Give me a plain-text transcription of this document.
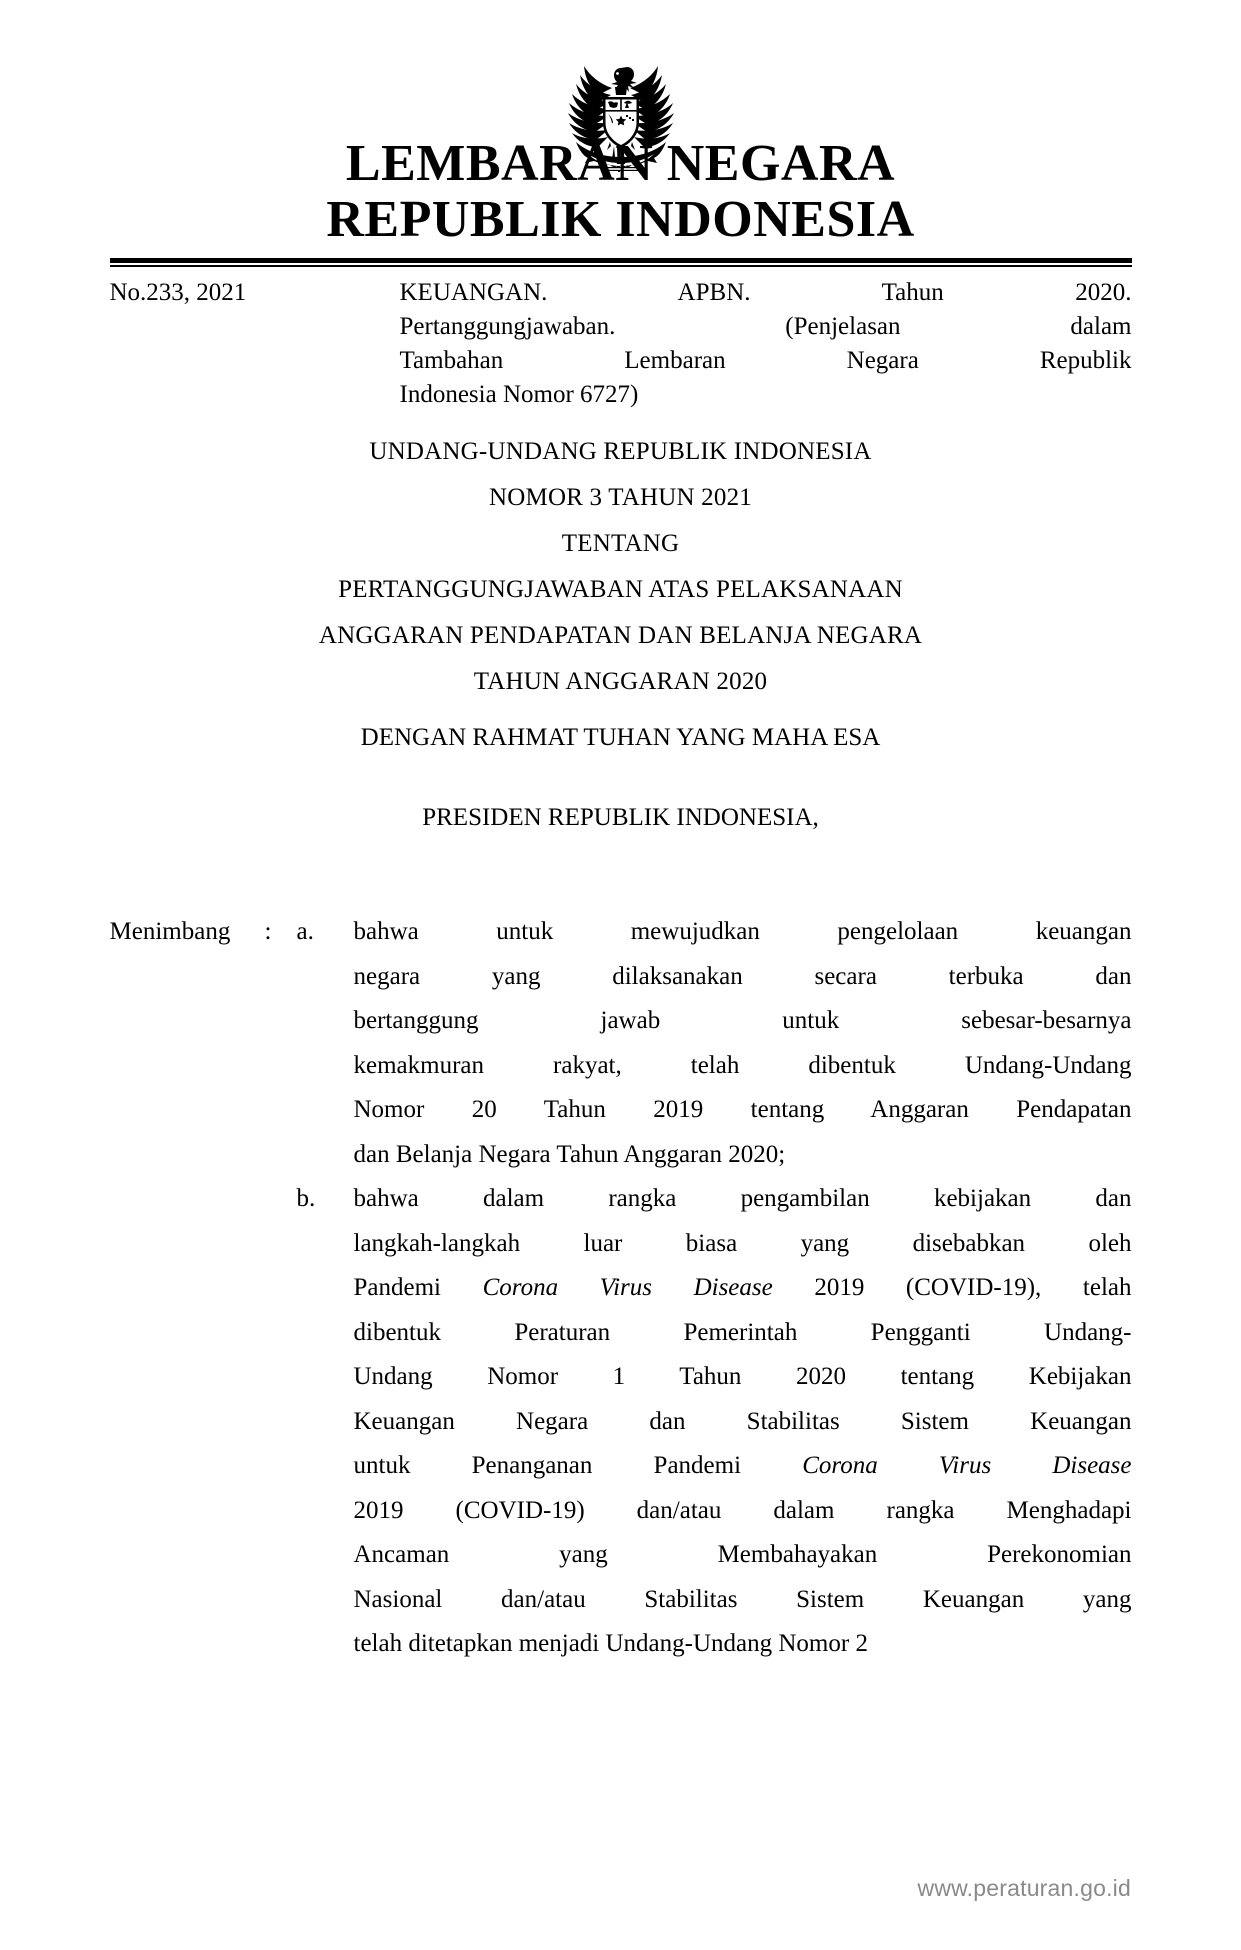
LEMBARAN NEGARA
REPUBLIK INDONESIA
No.233, 2021	KEUANGAN. APBN. Tahun 2020.
Pertanggungjawaban. (Penjelasan dalam
Tambahan Lembaran Negara Republik
Indonesia Nomor 6727)
UNDANG-UNDANG REPUBLIK INDONESIA
NOMOR 3 TAHUN 2021
TENTANG
PERTANGGUNGJAWABAN ATAS PELAKSANAAN
ANGGARAN PENDAPATAN DAN BELANJA NEGARA
TAHUN ANGGARAN 2020
DENGAN RAHMAT TUHAN YANG MAHA ESA
PRESIDEN REPUBLIK INDONESIA,
Menimbang	:	a.	bahwa untuk mewujudkan pengelolaan keuangan
negara yang dilaksanakan secara terbuka dan
bertanggung jawab untuk sebesar-besarnya
kemakmuran rakyat, telah dibentuk Undang-Undang
Nomor 20 Tahun 2019 tentang Anggaran Pendapatan
dan Belanja Negara Tahun Anggaran 2020;
b.	bahwa dalam rangka pengambilan kebijakan dan
langkah-langkah luar biasa yang disebabkan oleh
Pandemi Corona Virus Disease 2019 (COVID-19), telah
dibentuk Peraturan Pemerintah Pengganti Undang-
Undang Nomor 1 Tahun 2020 tentang Kebijakan
Keuangan Negara dan Stabilitas Sistem Keuangan
untuk Penanganan Pandemi Corona Virus Disease
2019 (COVID-19) dan/atau dalam rangka Menghadapi
Ancaman yang Membahayakan Perekonomian
Nasional dan/atau Stabilitas Sistem Keuangan yang
telah ditetapkan menjadi Undang-Undang Nomor 2
www.peraturan.go.id
